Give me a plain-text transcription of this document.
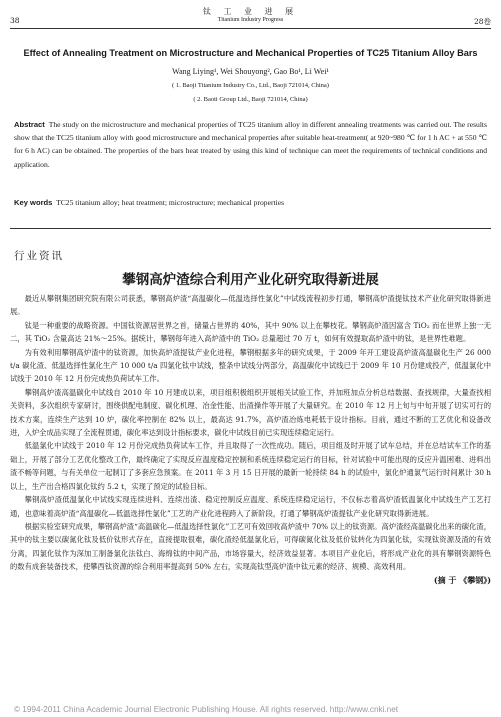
38
钛 工 业 进 展
Titanium Industry Progress	28卷
Effect of Annealing Treatment on Microstructure and Mechanical Properties of TC25 Titanium Alloy Bars
Wang Liying¹, Wei Shouyong², Gao Bo¹, Li Wei¹
( 1. Baoji Titanium Industry Co., Ltd., Baoji 721014, China)
( 2. Baoti Group Ltd., Baoji 721014, China)
Abstract The study on the microstructure and mechanical properties of TC25 titanium alloy in different annealing treatments was carried out. The results show that the TC25 titanium alloy with good microstructure and mechanical properties after suitable heat-treatment( at 920~980 ℃ for 1 h AC + at 550 ℃ for 6 h AC) can be obtained. The properties of the bars heat treated by using this kind of technique can meet the requirements of technical conditions and application.
Key words TC25 titanium alloy; heat treatment; microstructure; mechanical properties
行业资讯
攀钢高炉渣综合利用产业化研究取得新进展

最近从攀钢集团研究院有限公司获悉，攀钢高炉渣“高温碳化—低温选择性氯化”中试线流程初步打通，攀钢高炉渣提钛技术产业化研究取得新进展。

钛是一种重要的战略资源。中国钛资源居世界之首，储量占世界的 40%，其中 90% 以上在攀枝花。攀钢高炉渣因富含 TiO₂ 而在世界上独一无二，其 TiO₂ 含量高达 21%～25%。据统计，攀钢每年进入高炉渣中的 TiO₂ 总量超过 70 万 t，如何有效提取高炉渣中的钛，是世界性难题。

为有效利用攀钢高炉渣中的钛资源，加快高炉渣提钛产业化进程，攀钢根据多年的研究成果，于 2009 年开工建设高炉渣高温碳化生产 26 000 t/a 碳化渣、低温选择性氯化生产 10 000 t/a 四氯化钛中试线，整条中试线分两部分，高温碳化中试线已于 2009 年 10 月份建成投产，低温氯化中试线于 2010 年 12 月份完成热负荷试车工作。

攀钢高炉渣高温碳化中试线自 2010 年 10 月建成以来，项目组积极组织开展相关试验工作，并加班加点分析总结数据、查找规律，大量查找相关资料，多次组织专家研讨，围绕供配电制度、碳化机理、冶金性能、出渣操作等开展了大量研究。在 2010 年 12 月上旬与中旬开展了切实可行的技术方案，连续生产达到 10 炉，碳化率控制在 82% 以上，最高达 91.7%，高炉渣冶炼电耗低于设计指标。目前，通过不断的工艺优化和设备改进，入炉全成品实现了全流程贯通，碳化率达到设计指标要求，碳化中试线目前已实现连续稳定运行。

低温氯化中试线于 2010 年 12 月份完成热负荷试车工作，并且取得了一次性成功。随后，项目组及时开展了试车总结，并在总结试车工作的基础上，开展了部分工艺优化整改工作，最终确定了实现反应温度稳定控制和系统连续稳定运行的目标，针对试验中可能出现的反应升温困难、进料出渣不畅等问题，与有关单位一起制订了多套应急预案。在 2011 年 3 月 15 日开展的最新一轮持续 84 h 的试验中，氯化炉通氯气运行时间累计 30 h 以上，生产出合格四氯化钛约 5.2 t，实现了预定的试验目标。

攀钢高炉渣低温氯化中试线实现连续进料、连续出渣、稳定控制反应温度、系统连续稳定运行，不仅标志着高炉渣低温氯化中试线生产工艺打通，也意味着高炉渣“高温碳化—低温选择性氯化”工艺的产业化进程跨入了新阶段，打通了攀钢高炉渣提钛产业化研究取得新进展。

根据实验室研究成果，攀钢高炉渣“高温碳化—低温选择性氯化”工艺可有效回收高炉渣中 70% 以上的钛资源。高炉渣经高温碳化出来的碳化渣，其中的钛主要以碳氮化钛及低价钛形式存在，直接提取很难，碳化渣经低温氯化后，可得碳氮化钛及低价钛转化为四氯化钛，实现钛资源及渣的有效分离，四氯化钛作为深加工制备氯化法钛白、海绵钛的中间产品，市场容量大，经济效益显著。本项目产业化后，将形成产业化的具有攀钢资源特色的数有成套装备技术，使攀西钛资源的综合利用率提高到 50% 左右，实现高钛型高炉渣中钛元素的经济、规模、高效利用。

(摘 于 《攀钢》)
© 1994-2011 China Academic Journal Electronic Publishing House. All rights reserved. http://www.cnki.net
